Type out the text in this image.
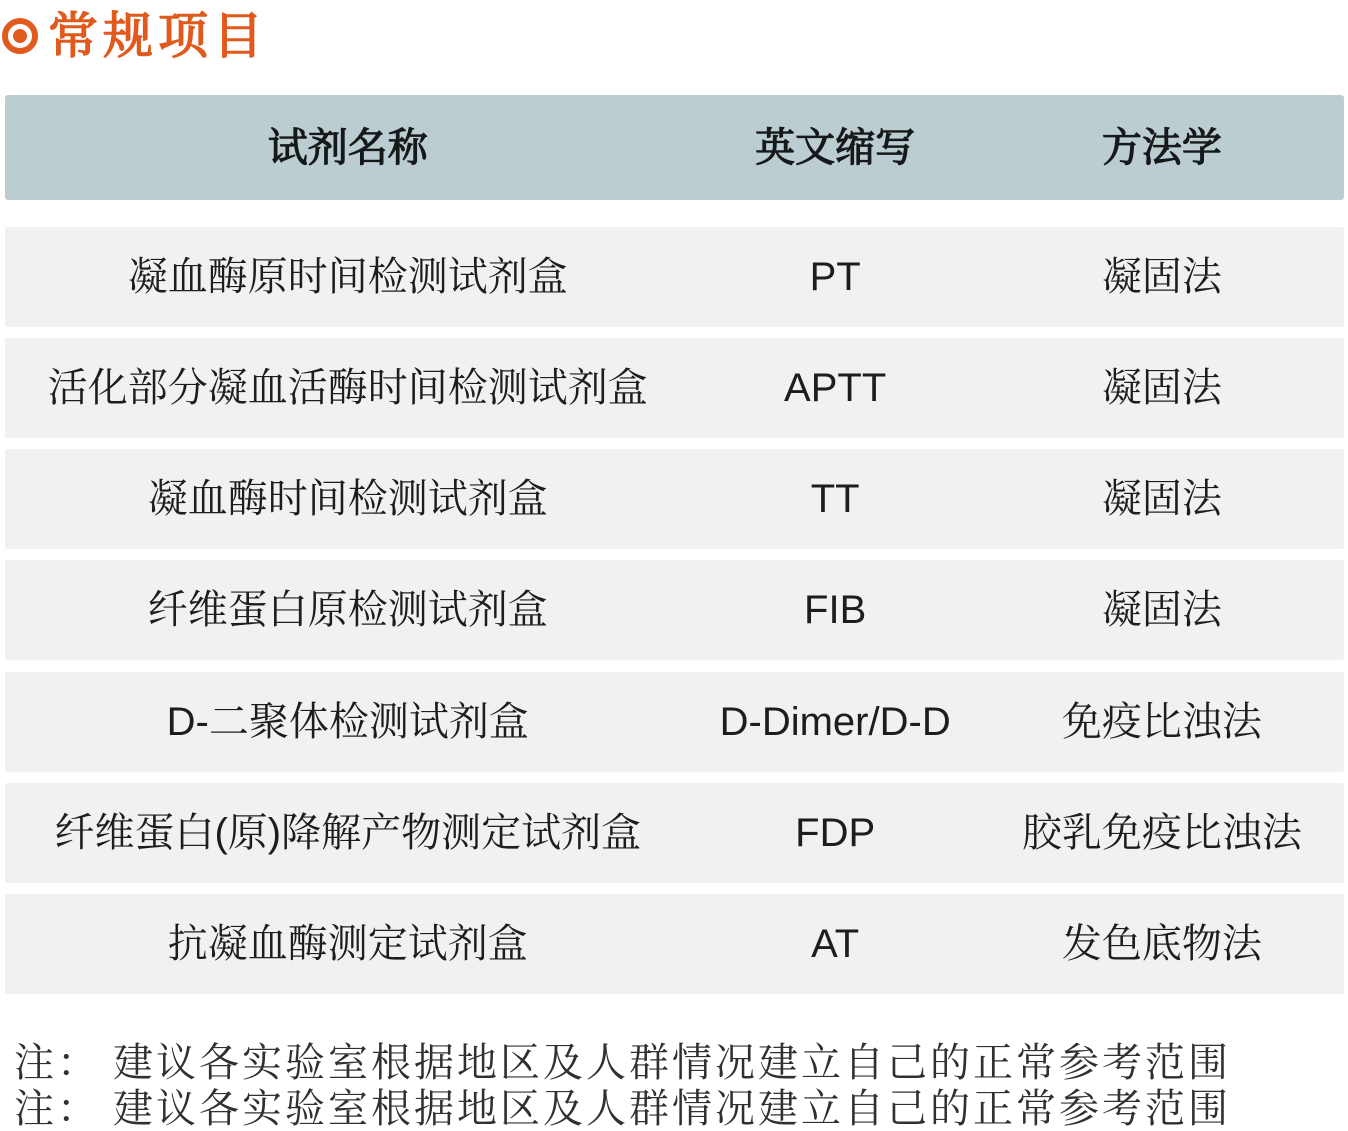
常规项目
试剂名称	英文缩写	方法学
凝血酶原时间检测试剂盒	PT	凝固法
活化部分凝血活酶时间检测试剂盒	APTT	凝固法
凝血酶时间检测试剂盒	TT	凝固法
纤维蛋白原检测试剂盒	FIB	凝固法
D-二聚体检测试剂盒	D-Dimer/D-D	免疫比浊法
纤维蛋白(原)降解产物测定试剂盒	FDP	胶乳免疫比浊法
抗凝血酶测定试剂盒	AT	发色底物法
注： 建议各实验室根据地区及人群情况建立自己的正常参考范围
注： 建议各实验室根据地区及人群情况建立自己的正常参考范围
